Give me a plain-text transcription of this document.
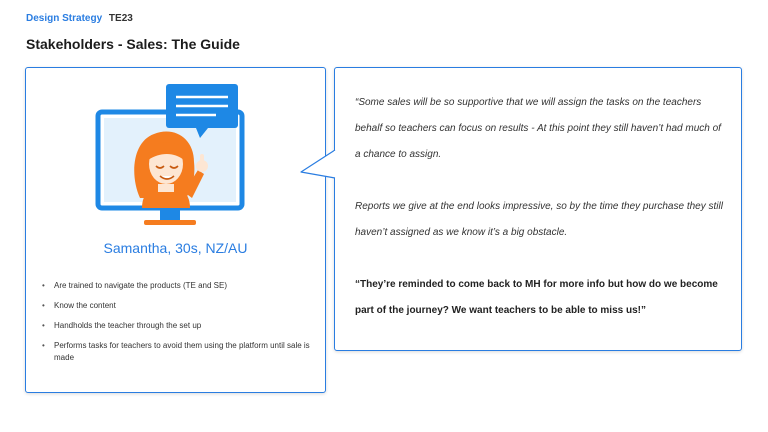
Design Strategy TE23
Stakeholders - Sales: The Guide
Samantha, 30s, NZ/AU
• Are trained to navigate the products (TE and SE)
• Know the content
• Handholds the teacher through the set up
• Performs tasks for teachers to avoid them using the platform until sale is made

“Some sales will be so supportive that we will assign the tasks on the teachers behalf so teachers can focus on results - At this point they still haven’t had much of a chance to assign.

Reports we give at the end looks impressive, so by the time they purchase they still haven’t assigned as we know it’s a big obstacle.

“They’re reminded to come back to MH for more info but how do we become part of the journey? We want teachers to be able to miss us!”
